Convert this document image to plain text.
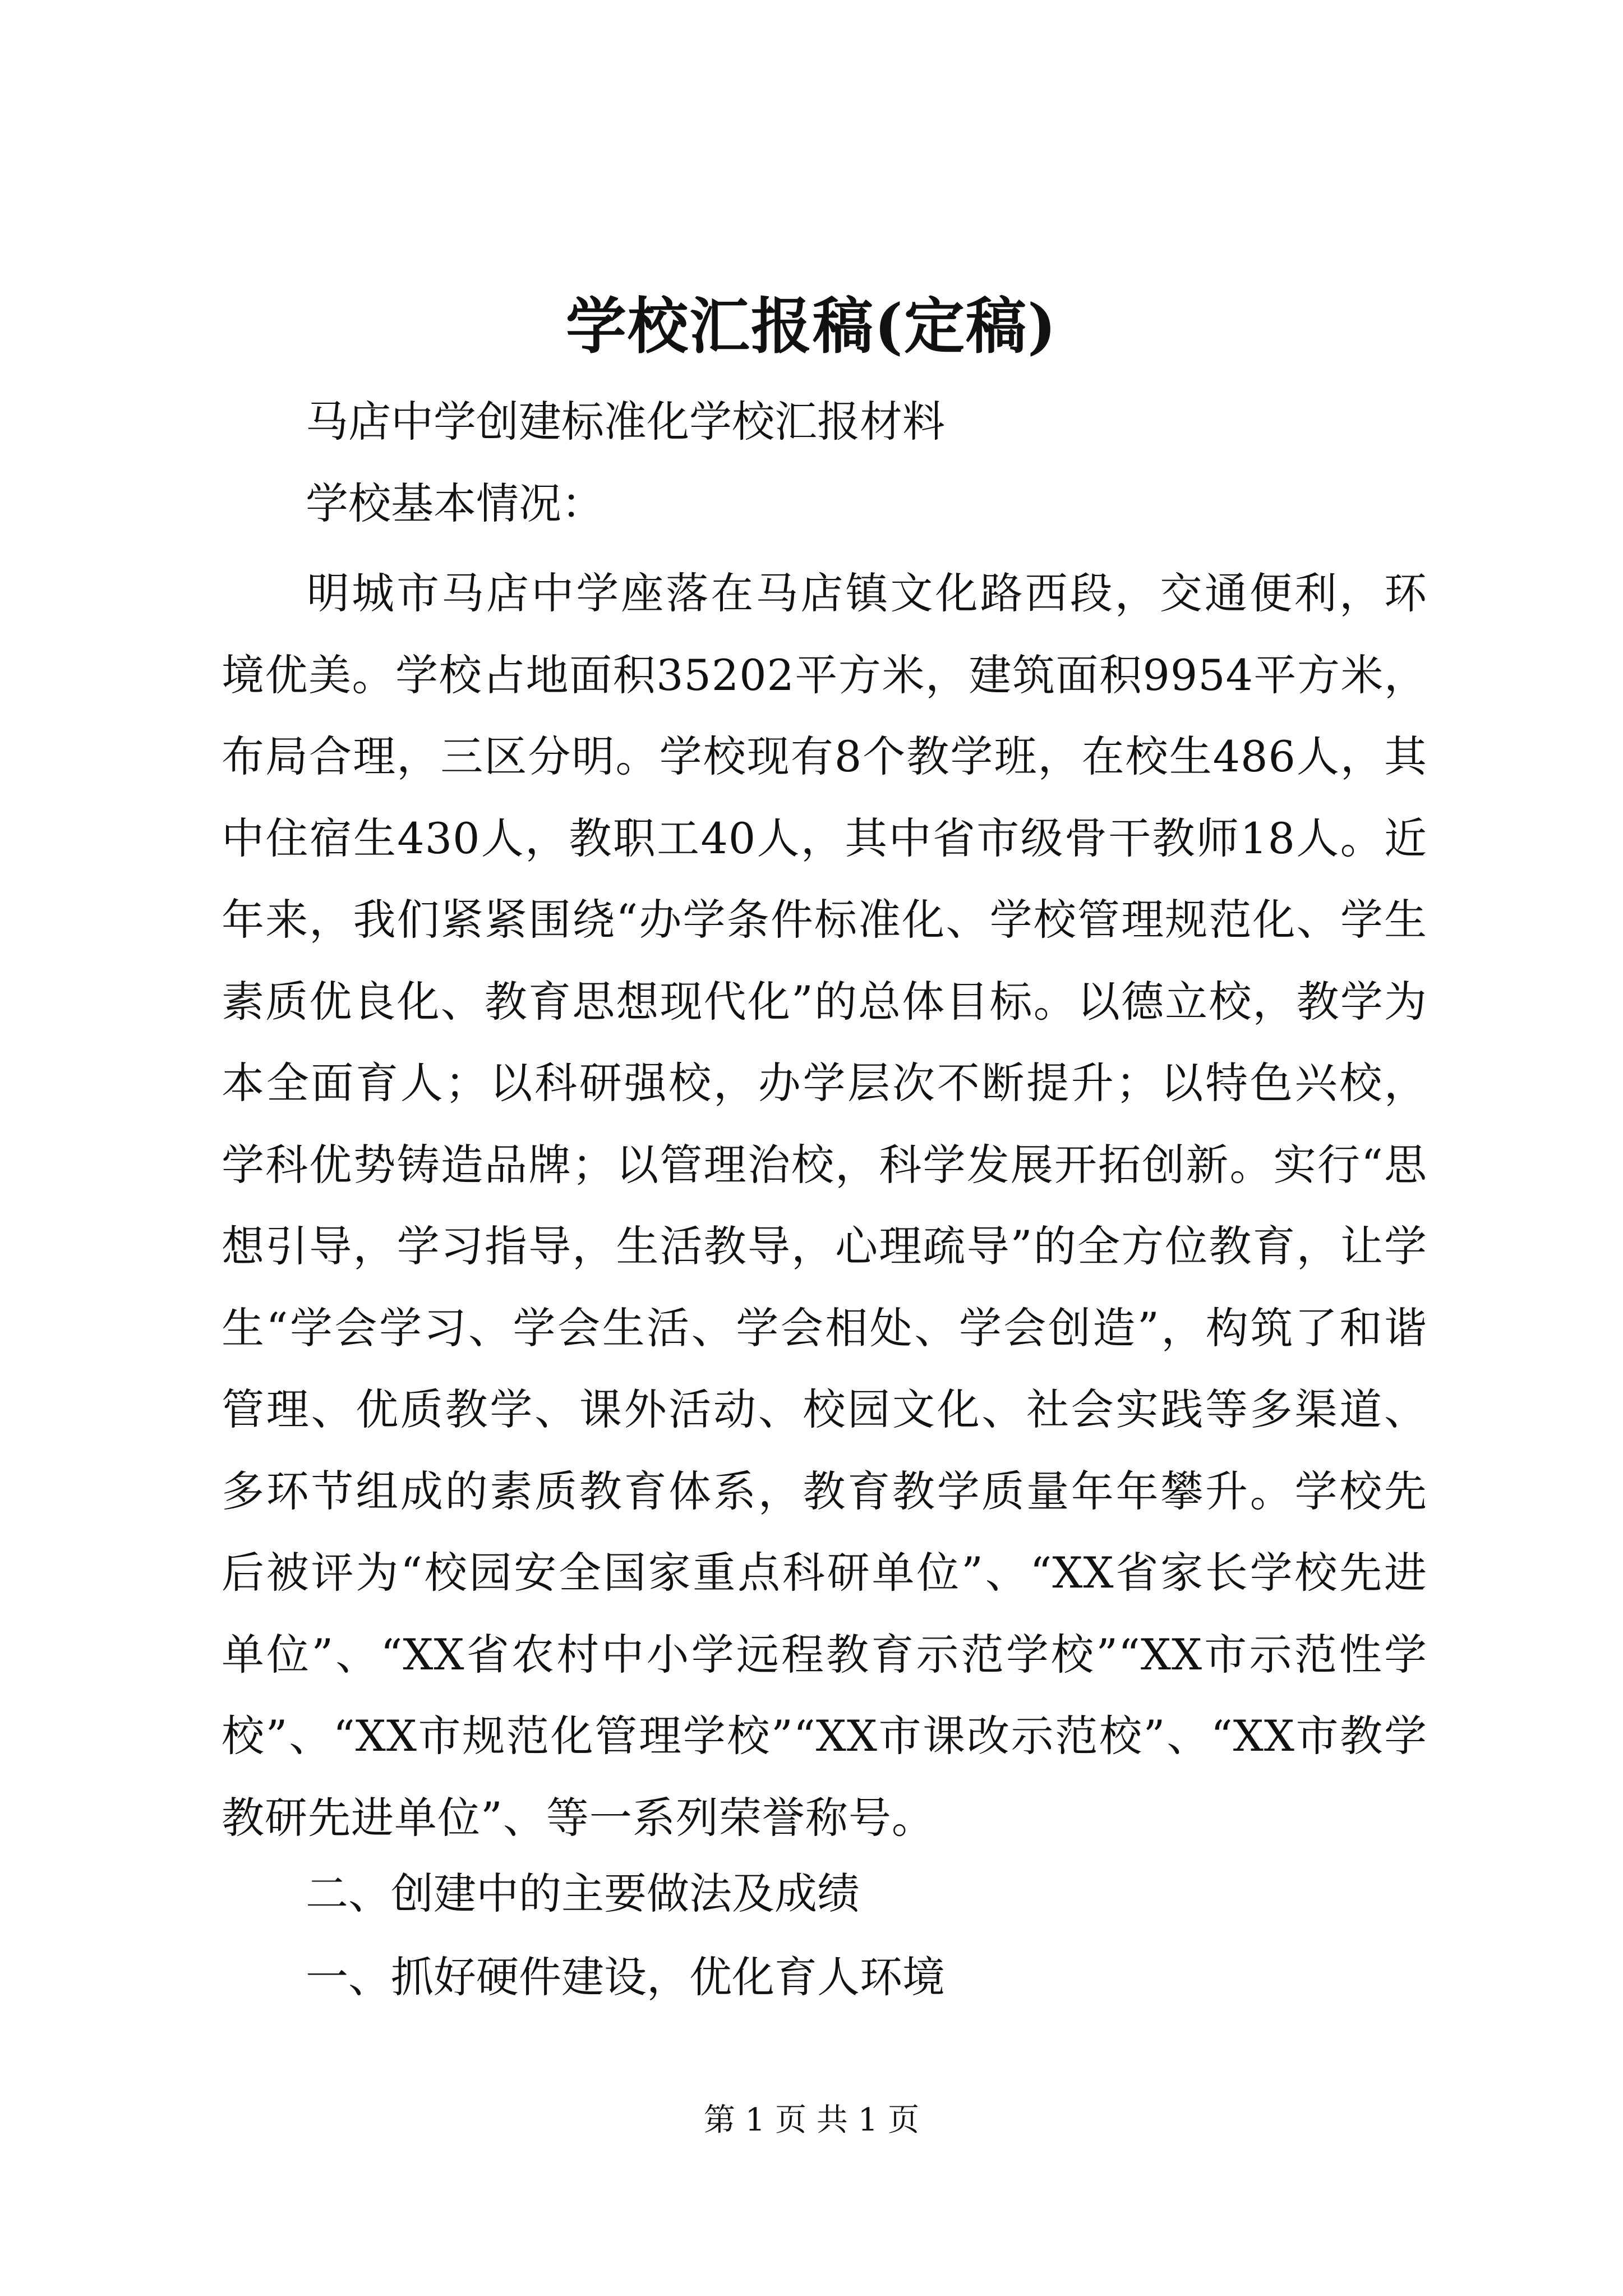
学校汇报稿(定稿)

马店中学创建标准化学校汇报材料

学校基本情况：

明城市马店中学座落在马店镇文化路西段，交通便利，环境优美。学校占地面积35202平方米，建筑面积9954平方米，布局合理，三区分明。学校现有8个教学班，在校生486人，其中住宿生430人，教职工40人，其中省市级骨干教师18人。近年来，我们紧紧围绕“办学条件标准化、学校管理规范化、学生素质优良化、教育思想现代化”的总体目标。以德立校，教学为本全面育人；以科研强校，办学层次不断提升；以特色兴校，学科优势铸造品牌；以管理治校，科学发展开拓创新。实行“思想引导，学习指导，生活教导，心理疏导”的全方位教育，让学生“学会学习、学会生活、学会相处、学会创造”，构筑了和谐管理、优质教学、课外活动、校园文化、社会实践等多渠道、多环节组成的素质教育体系，教育教学质量年年攀升。学校先后被评为“校园安全国家重点科研单位”、“XX省家长学校先进单位”、“XX省农村中小学远程教育示范学校”“XX市示范性学校”、“XX市规范化管理学校”“XX市课改示范校”、“XX市教学教研先进单位”、等一系列荣誉称号。

二、创建中的主要做法及成绩

一、抓好硬件建设，优化育人环境

第 1 页 共 1 页
